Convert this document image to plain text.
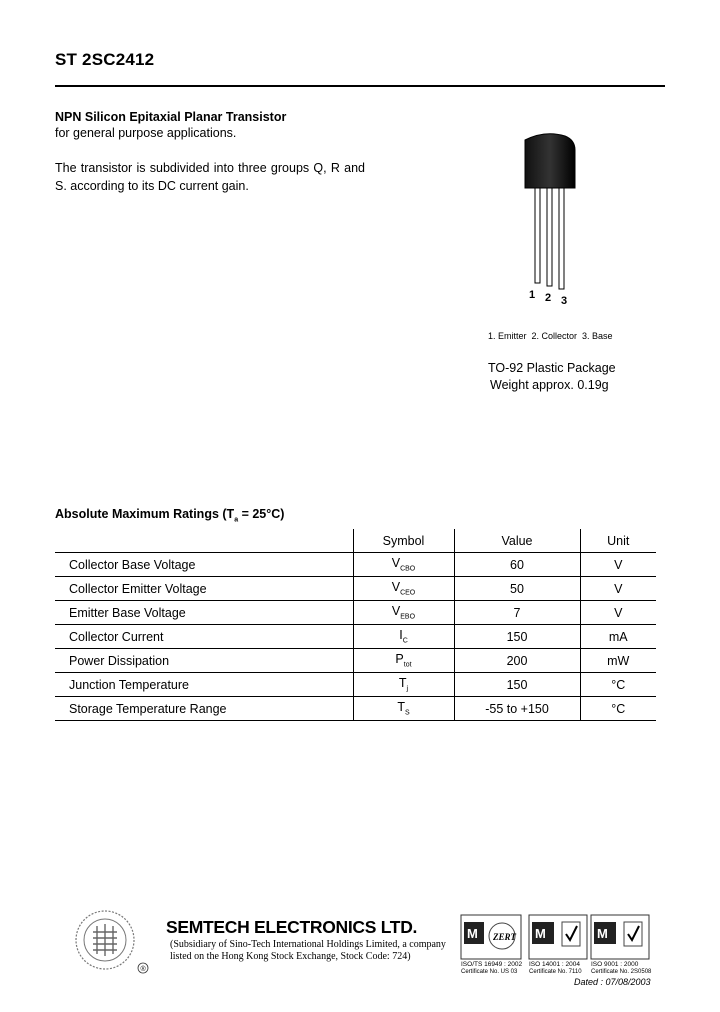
ST 2SC2412
NPN Silicon Epitaxial Planar Transistor
for general purpose applications.
The transistor is subdivided into three groups Q, R and S. according to its DC current gain.
1 2 3
1. Emitter  2. Collector  3. Base
TO-92 Plastic Package
Weight approx. 0.19g
Absolute Maximum Ratings $(T_a = 25^\circ C)$
	Symbol	Value	Unit
Collector Base Voltage	$V_{CBO}$	60	V
Collector Emitter Voltage	$V_{CEO}$	50	V
Emitter Base Voltage	$V_{EBO}$	7	V
Collector Current	$I_C$	150	mA
Power Dissipation	$P_{tot}$	200	mW
Junction Temperature	$T_j$	150	°C
Storage Temperature Range	$T_S$	-55 to +150	°C
®
SEMTECH ELECTRONICS LTD.
(Subsidiary of Sino-Tech International Holdings Limited, a company
listed on the Hong Kong Stock Exchange, Stock Code: 724)
M ZERT
ISO/TS 16949 : 2002
Certificate No. US 03
M
ISO 14001 : 2004
Certificate No. 7110
M
ISO 9001 : 2000
Certificate No. 2S0508
Dated : 07/08/2003
